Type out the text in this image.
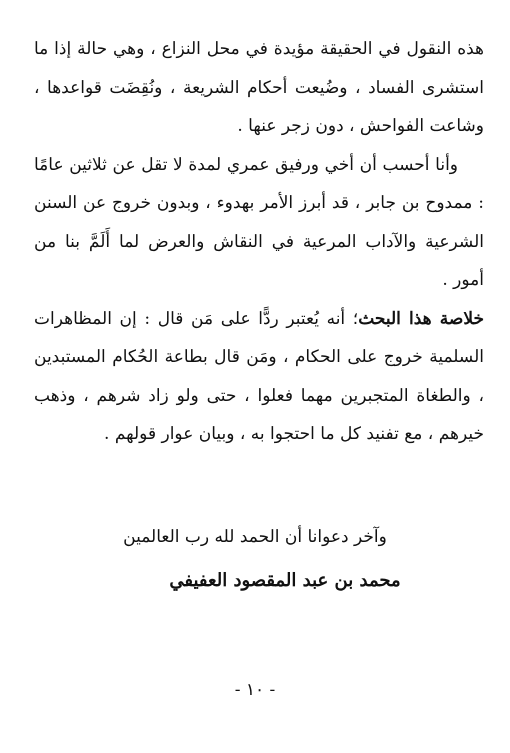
هذه النقول في الحقيقة مؤيدة في محل النزاع ، وهي حالة إذا ما استشرى الفساد ، وضُيعت أحكام الشريعة ، ونُقِضَت قواعدها ، وشاعت الفواحش ، دون زجر عنها .

وأنا أحسب أن أخي ورفيق عمري لمدة لا تقل عن ثلاثين عامًا : ممدوح بن جابر ، قد أبرز الأمر بهدوء ، وبدون خروج عن السنن الشرعية والآداب المرعية في النقاش والعرض لما أَلَمَّ بنا من أمور .

خلاصة هذا البحث؛ أنه يُعتبر ردًّا على مَن قال : إن المظاهرات السلمية خروج على الحكام ، ومَن قال بطاعة الحُكام المستبدين ، والطغاة المتجبرين مهما فعلوا ، حتى ولو زاد شرهم ، وذهب خيرهم ، مع تفنيد كل ما احتجوا به ، وبيان عوار قولهم .

وآخر دعوانا أن الحمد لله رب العالمين
محمد بن عبد المقصود العفيفي
- ١٠ -
